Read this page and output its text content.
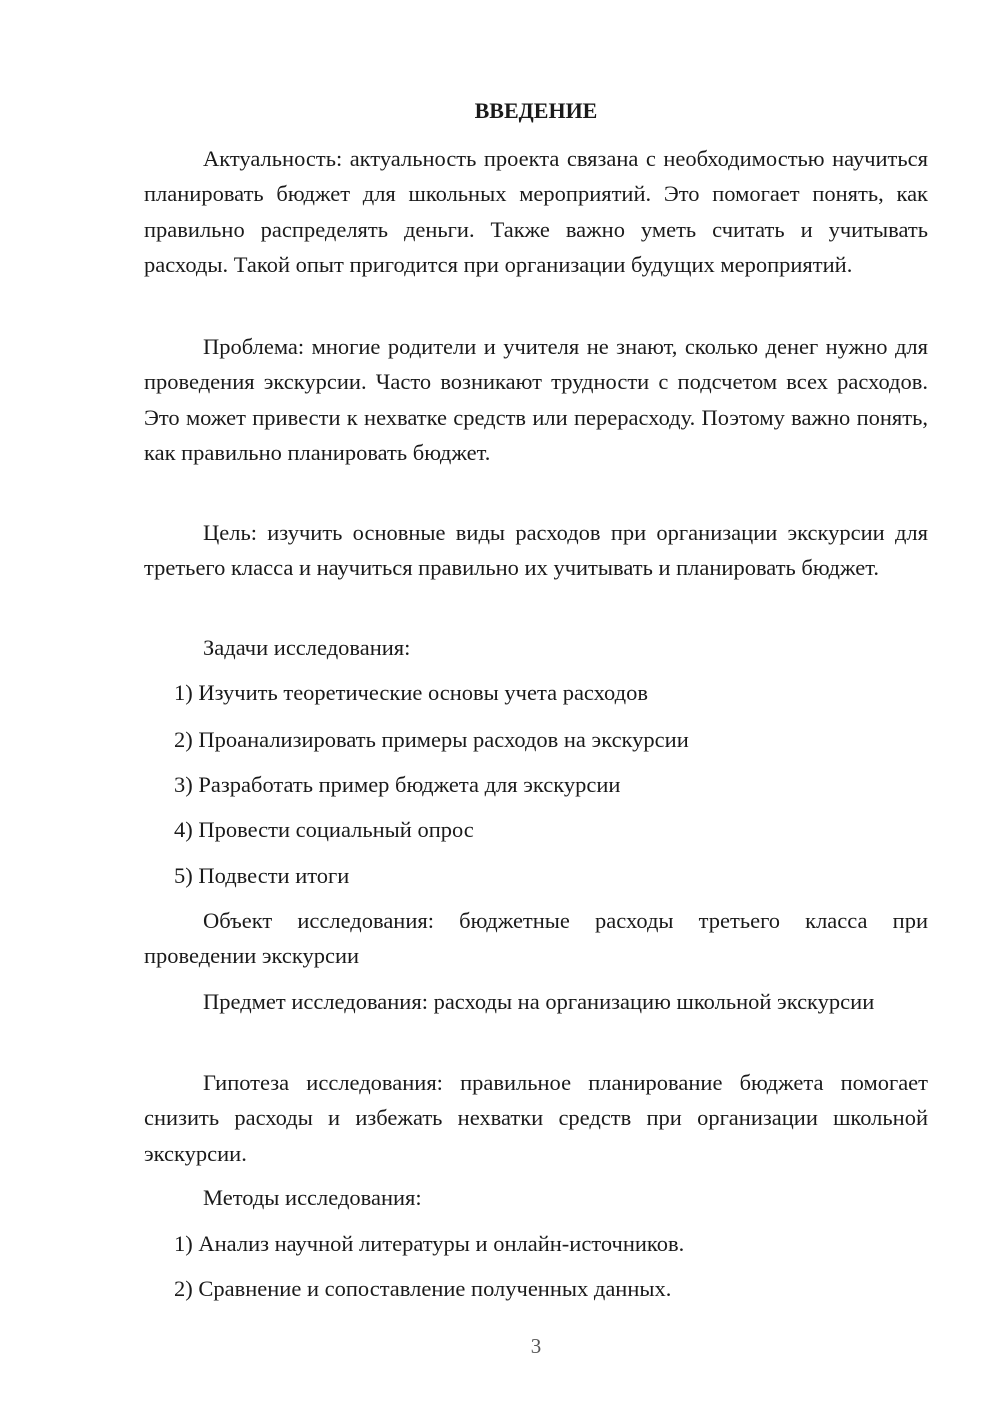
ВВЕДЕНИЕ

Актуальность: актуальность проекта связана с необходимостью научиться планировать бюджет для школьных мероприятий. Это помогает понять, как правильно распределять деньги. Также важно уметь считать и учитывать расходы. Такой опыт пригодится при организации будущих мероприятий.

Проблема: многие родители и учителя не знают, сколько денег нужно для проведения экскурсии. Часто возникают трудности с подсчетом всех расходов. Это может привести к нехватке средств или перерасходу. Поэтому важно понять, как правильно планировать бюджет.

Цель: изучить основные виды расходов при организации экскурсии для третьего класса и научиться правильно их учитывать и планировать бюджет.

Задачи исследования:

1) Изучить теоретические основы учета расходов

2) Проанализировать примеры расходов на экскурсии

3) Разработать пример бюджета для экскурсии

4) Провести социальный опрос

5) Подвести итоги

Объект исследования: бюджетные расходы третьего класса при проведении экскурсии

Предмет исследования: расходы на организацию школьной экскурсии

Гипотеза исследования: правильное планирование бюджета помогает снизить расходы и избежать нехватки средств при организации школьной экскурсии.

Методы исследования:

1) Анализ научной литературы и онлайн-источников.

2) Сравнение и сопоставление полученных данных.

3
